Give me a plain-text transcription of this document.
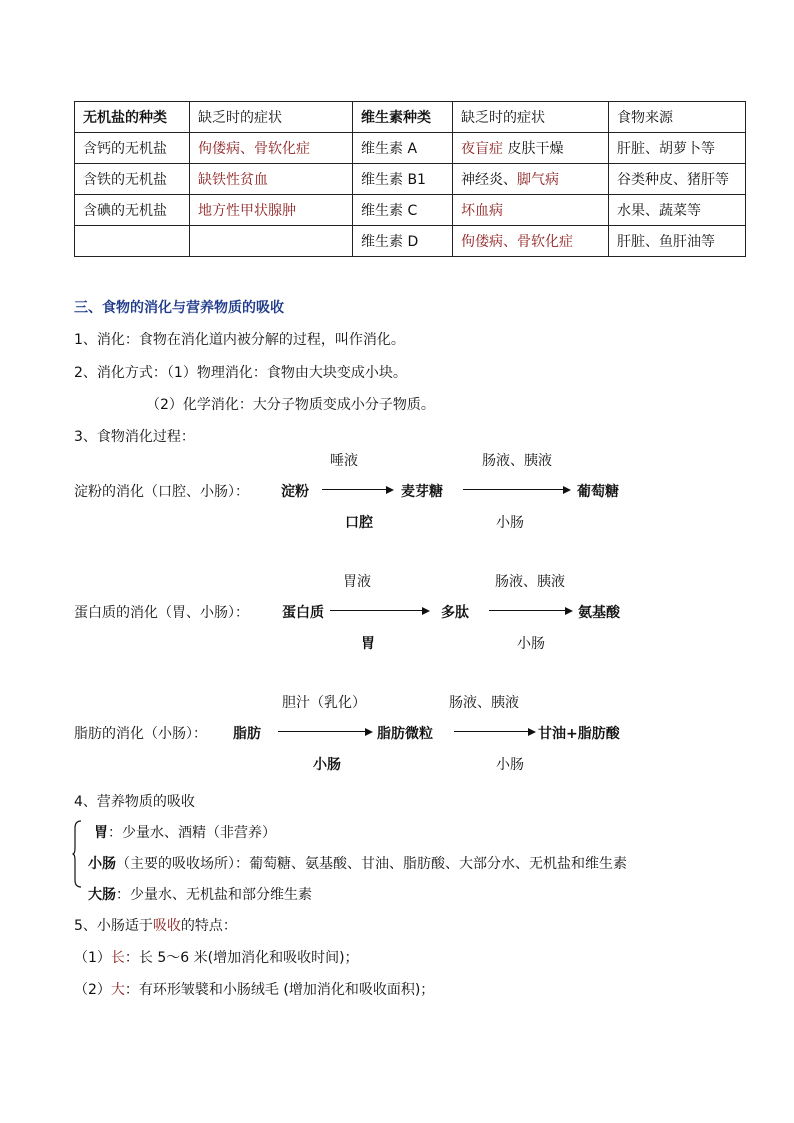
无机盐的种类	缺乏时的症状	维生素种类	缺乏时的症状	食物来源
含钙的无机盐	佝偻病、骨软化症	维生素 A	夜盲症 皮肤干燥	肝脏、胡萝卜等
含铁的无机盐	缺铁性贫血	维生素 B1	神经炎、脚气病	谷类种皮、猪肝等
含碘的无机盐	地方性甲状腺肿	维生素 C	坏血病	水果、蔬菜等
		维生素 D	佝偻病、骨软化症	肝脏、鱼肝油等
三、食物的消化与营养物质的吸收
1、消化：食物在消化道内被分解的过程，叫作消化。
2、消化方式：（1）物理消化：食物由大块变成小块。
（2）化学消化：大分子物质变成小分子物质。
3、食物消化过程：
唾液	肠液、胰液
淀粉的消化（口腔、小肠）： 淀粉	麦芽糖	葡萄糖
口腔	小肠
胃液	肠液、胰液
蛋白质的消化（胃、小肠）： 蛋白质	多肽	氨基酸
胃	小肠
胆汁（乳化）	肠液、胰液
脂肪的消化（小肠）： 脂肪	脂肪微粒	甘油+脂肪酸
小肠	小肠
4、营养物质的吸收
胃：少量水、酒精（非营养）
小肠（主要的吸收场所）：葡萄糖、氨基酸、甘油、脂肪酸、大部分水、无机盐和维生素
大肠：少量水、无机盐和部分维生素
5、小肠适于吸收的特点：
（1）长：长 5～6 米(增加消化和吸收时间)；
（2）大：有环形皱襞和小肠绒毛 (增加消化和吸收面积)；
